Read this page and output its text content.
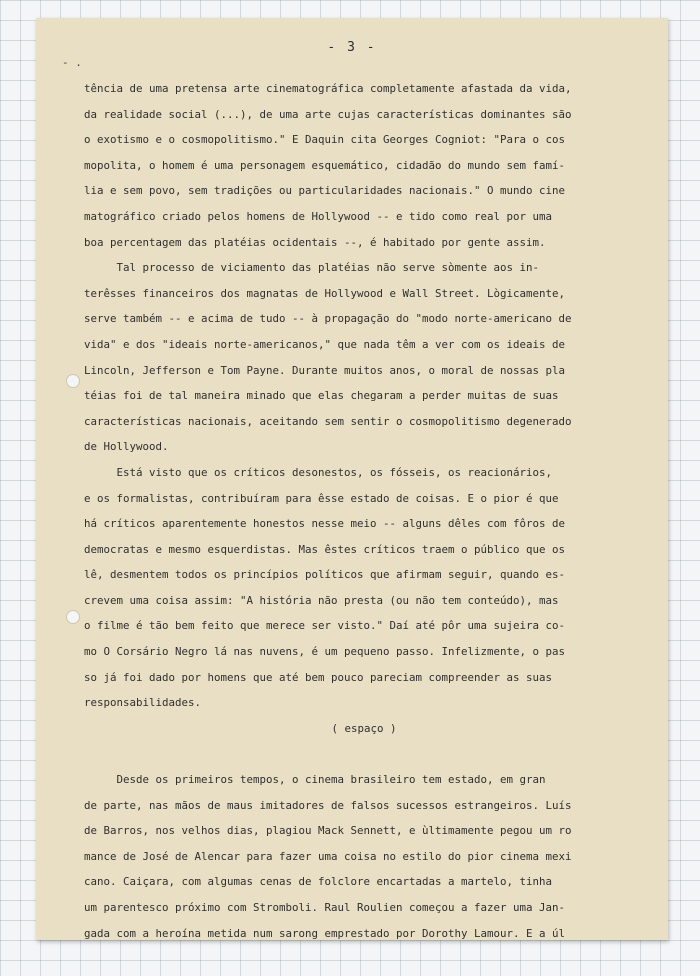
- 3 -
- .
tência de uma pretensa arte cinematográfica completamente afastada da vida,
da realidade social (...), de uma arte cujas características dominantes são
o exotismo e o cosmopolitismo." E Daquin cita Georges Cogniot: "Para o cos
mopolita, o homem é uma personagem esquemático, cidadão do mundo sem famí-
lia e sem povo, sem tradições ou particularidades nacionais." O mundo cine
matográfico criado pelos homens de Hollywood -- e tido como real por uma
boa percentagem das platéias ocidentais --, é habitado por gente assim.
Tal processo de viciamento das platéias não serve sòmente aos in-
terêsses financeiros dos magnatas de Hollywood e Wall Street. Lògicamente,
serve também -- e acima de tudo -- à propagação do "modo norte-americano de
vida" e dos "ideais norte-americanos," que nada têm a ver com os ideais de
Lincoln, Jefferson e Tom Payne. Durante muitos anos, o moral de nossas pla
téias foi de tal maneira minado que elas chegaram a perder muitas de suas
características nacionais, aceitando sem sentir o cosmopolitismo degenerado
de Hollywood.
Está visto que os críticos desonestos, os fósseis, os reacionários,
e os formalistas, contribuíram para êsse estado de coisas. E o pior é que
há críticos aparentemente honestos nesse meio -- alguns dêles com fôros de
democratas e mesmo esquerdistas. Mas êstes críticos traem o público que os
lê, desmentem todos os princípios políticos que afirmam seguir, quando es-
crevem uma coisa assim: "A história não presta (ou não tem conteúdo), mas
o filme é tão bem feito que merece ser visto." Daí até pôr uma sujeira co-
mo O Corsário Negro lá nas nuvens, é um pequeno passo. Infelizmente, o pas
so já foi dado por homens que até bem pouco pareciam compreender as suas
responsabilidades.
( espaço )
Desde os primeiros tempos, o cinema brasileiro tem estado, em gran
de parte, nas mãos de maus imitadores de falsos sucessos estrangeiros. Luís
de Barros, nos velhos dias, plagiou Mack Sennett, e ùltimamente pegou um ro
mance de José de Alencar para fazer uma coisa no estilo do pior cinema mexi
cano. Caiçara, com algumas cenas de folclore encartadas a martelo, tinha
um parentesco próximo com Stromboli. Raul Roulien começou a fazer uma Jan-
gada com a heroína metida num sarong emprestado por Dorothy Lamour. E a úl
